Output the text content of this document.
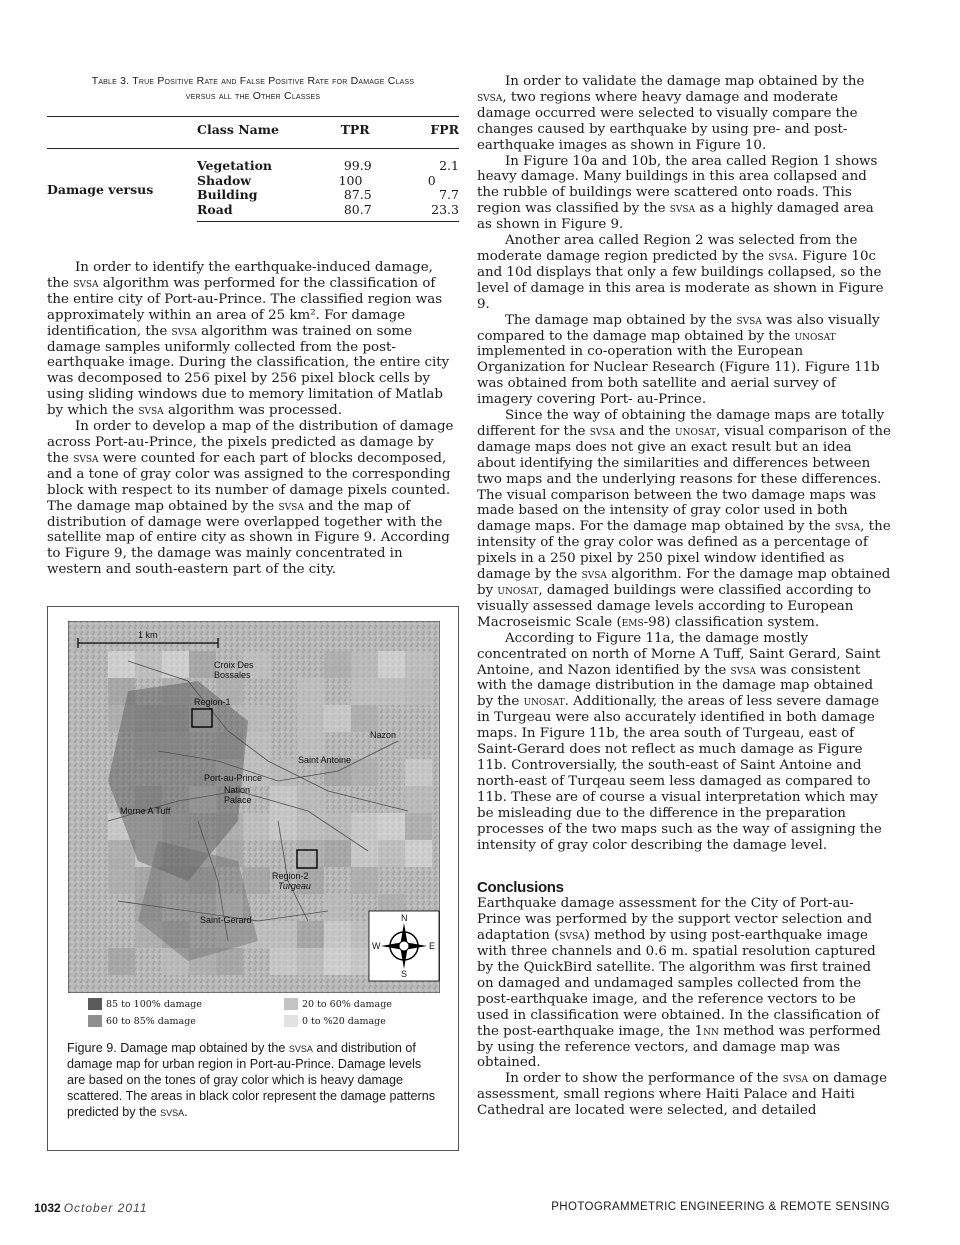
Table 3. True Positive Rate and False Positive Rate for Damage Class
versus all the Other Classes
	Class Name	TPR	FPR
Damage versus	Vegetation	99.9	2.1
	Shadow	100	0
	Building	87.5	7.7
	Road	80.7	23.3

In order to identify the earthquake-induced damage, the svsa algorithm was performed for the classification of the entire city of Port-au-Prince. The classified region was approximately within an area of 25 km². For damage identification, the svsa algorithm was trained on some damage samples uniformly collected from the post-earthquake image. During the classification, the entire city was decomposed to 256 pixel by 256 pixel block cells by using sliding windows due to memory limitation of Matlab by which the svsa algorithm was processed.

In order to develop a map of the distribution of damage across Port-au-Prince, the pixels predicted as damage by the svsa were counted for each part of blocks decomposed, and a tone of gray color was assigned to the corresponding block with respect to its number of damage pixels counted.

The damage map obtained by the svsa and the map of distribution of damage were overlapped together with the satellite map of entire city as shown in Figure 9. According to Figure 9, the damage was mainly concentrated in western and south-eastern part of the city.

1 km
Croix Des
Bossales
Region-1
Nazon
Saint Antoine
Port-au-Prince
Nation
Palace
Morne A Tuff
Region-2
Turgeau
Saint-Gerard	N
S
E
W
85 to 100% damage	20 to 60% damage
60 to 85% damage	0 to %20 damage

Figure 9. Damage map obtained by the svsa and distribution of damage map for urban region in Port-au-Prince. Damage levels are based on the tones of gray color which is heavy damage scattered. The areas in black color represent the damage patterns predicted by the svsa.

In order to validate the damage map obtained by the svsa, two regions where heavy damage and moderate damage occurred were selected to visually compare the changes caused by earthquake by using pre- and post-earthquake images as shown in Figure 10.

In Figure 10a and 10b, the area called Region 1 shows heavy damage. Many buildings in this area collapsed and the rubble of buildings were scattered onto roads. This region was classified by the svsa as a highly damaged area as shown in Figure 9.

Another area called Region 2 was selected from the moderate damage region predicted by the svsa. Figure 10c and 10d displays that only a few buildings collapsed, so the level of damage in this area is moderate as shown in Figure 9.

The damage map obtained by the svsa was also visually compared to the damage map obtained by the unosat implemented in co-operation with the European Organization for Nuclear Research (Figure 11). Figure 11b was obtained from both satellite and aerial survey of imagery covering Port- au-Prince.

Since the way of obtaining the damage maps are totally different for the svsa and the unosat, visual comparison of the damage maps does not give an exact result but an idea about identifying the similarities and differences between two maps and the underlying reasons for these differences. The visual comparison between the two damage maps was made based on the intensity of gray color used in both damage maps. For the damage map obtained by the svsa, the intensity of the gray color was defined as a percentage of pixels in a 250 pixel by 250 pixel window identified as damage by the svsa algorithm. For the damage map obtained by unosat, damaged buildings were classified according to visually assessed damage levels according to European Macroseismic Scale (ems-98) classification system.

According to Figure 11a, the damage mostly concentrated on north of Morne A Tuff, Saint Gerard, Saint Antoine, and Nazon identified by the svsa was consistent with the damage distribution in the damage map obtained by the unosat. Additionally, the areas of less severe damage in Turgeau were also accurately identified in both damage maps. In Figure 11b, the area south of Turgeau, east of Saint-Gerard does not reflect as much damage as Figure 11b. Controversially, the south-east of Saint Antoine and north-east of Turqeau seem less damaged as compared to 11b. These are of course a visual interpretation which may be misleading due to the difference in the preparation processes of the two maps such as the way of assigning the intensity of gray color describing the damage level.

Conclusions

Earthquake damage assessment for the City of Port-au-Prince was performed by the support vector selection and adaptation (svsa) method by using post-earthquake image with three channels and 0.6 m. spatial resolution captured by the QuickBird satellite. The algorithm was first trained on damaged and undamaged samples collected from the post-earthquake image, and the reference vectors to be used in classification were obtained. In the classification of the post-earthquake image, the 1nn method was performed by using the reference vectors, and damage map was obtained.

In order to show the performance of the svsa on damage assessment, small regions where Haiti Palace and Haiti Cathedral are located were selected, and detailed

1032 October 2011	PHOTOGRAMMETRIC ENGINEERING & REMOTE SENSING
